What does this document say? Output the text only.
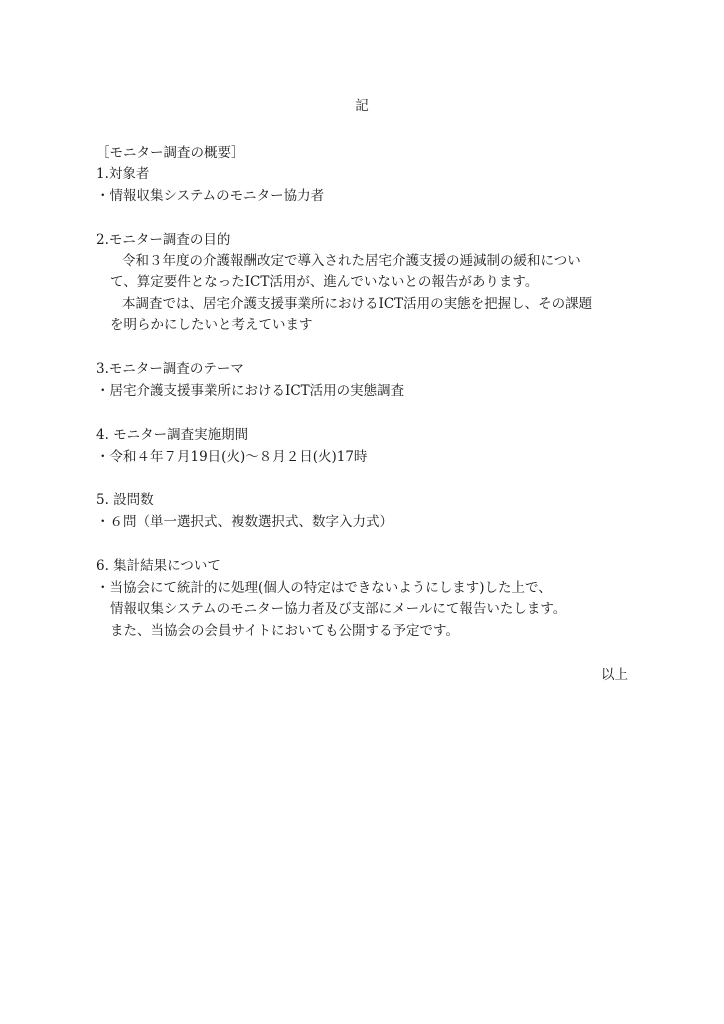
記
［モニター調査の概要］
1.対象者
・情報収集システムのモニター協力者
2.モニター調査の目的
令和３年度の介護報酬改定で導入された居宅介護支援の逓減制の緩和につい
て、算定要件となったICT活用が、進んでいないとの報告があります。
本調査では、居宅介護支援事業所におけるICT活用の実態を把握し、その課題
を明らかにしたいと考えています
3.モニター調査のテーマ
・居宅介護支援事業所におけるICT活用の実態調査
4. モニター調査実施期間
・令和４年７月19日(火)～８月２日(火)17時
5. 設問数
・６問（単一選択式、複数選択式、数字入力式）
6. 集計結果について
・当協会にて統計的に処理(個人の特定はできないようにします)した上で、
情報収集システムのモニター協力者及び支部にメールにて報告いたします。
また、当協会の会員サイトにおいても公開する予定です。
以上
